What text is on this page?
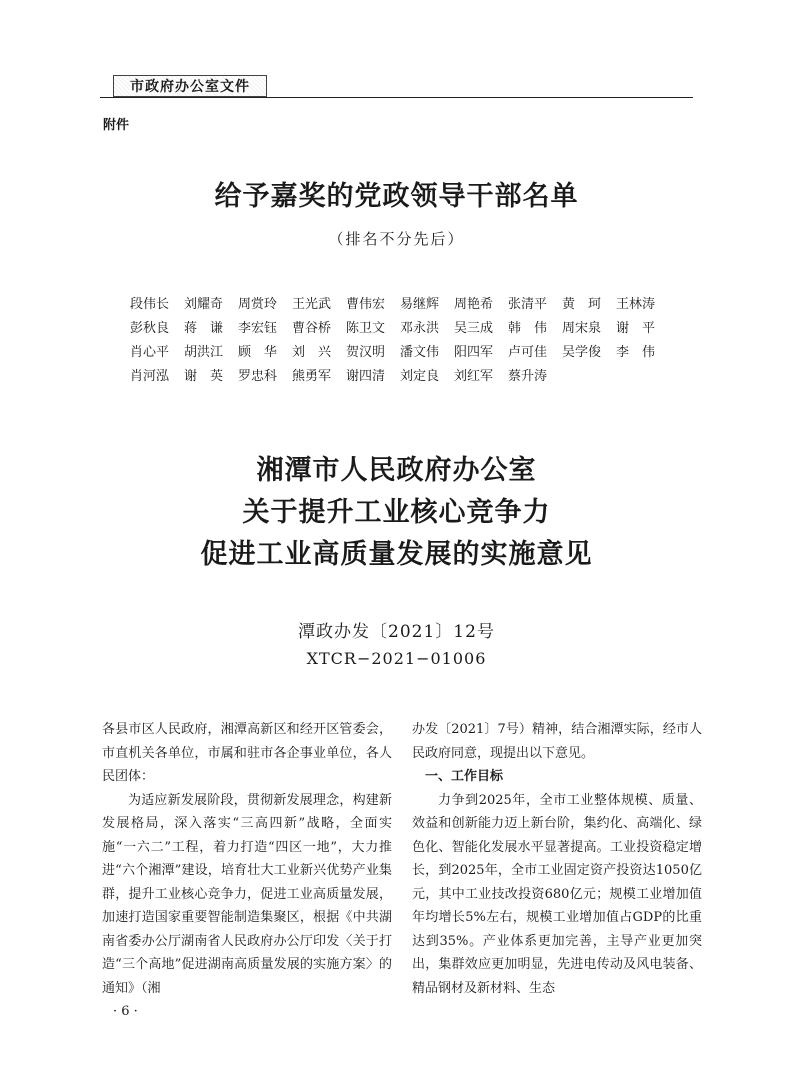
市政府办公室文件
附件
给予嘉奖的党政领导干部名单
（排名不分先后）
段伟长	刘耀奇	周赏玲	王光武	曹伟宏	易继辉	周艳希	张清平	黄　珂	王林涛
彭秋良	蒋　谦	李宏钰	曹谷桥	陈卫文	邓永洪	吴三成	韩　伟	周宋泉	谢　平
肖心平	胡洪江	顾　华	刘　兴	贺汉明	潘文伟	阳四军	卢可佳	吴学俊	李　伟
肖河泓	谢　英	罗忠科	熊勇军	谢四清	刘定良	刘红军	蔡升涛
湘潭市人民政府办公室
关于提升工业核心竞争力
促进工业高质量发展的实施意见
潭政办发〔2021〕12号
XTCR−2021−01006

各县市区人民政府，湘潭高新区和经开区管委会，市直机关各单位，市属和驻市各企事业单位，各人民团体：

为适应新发展阶段，贯彻新发展理念，构建新发展格局，深入落实“三高四新”战略，全面实施“一六二”工程，着力打造“四区一地”，大力推进“六个湘潭”建设，培育壮大工业新兴优势产业集群，提升工业核心竞争力，促进工业高质量发展，加速打造国家重要智能制造集聚区，根据《中共湖南省委办公厅湖南省人民政府办公厅印发〈关于打造“三个高地”促进湖南高质量发展的实施方案〉的通知》（湘

办发〔2021〕7号）精神，结合湘潭实际，经市人民政府同意，现提出以下意见。

一、工作目标

力争到2025年，全市工业整体规模、质量、效益和创新能力迈上新台阶，集约化、高端化、绿色化、智能化发展水平显著提高。工业投资稳定增长，到2025年，全市工业固定资产投资达1050亿元，其中工业技改投资680亿元；规模工业增加值年均增长5%左右，规模工业增加值占GDP的比重达到35%。产业体系更加完善，主导产业更加突出，集群效应更加明显，先进电传动及风电装备、精品钢材及新材料、生态

· 6 ·
